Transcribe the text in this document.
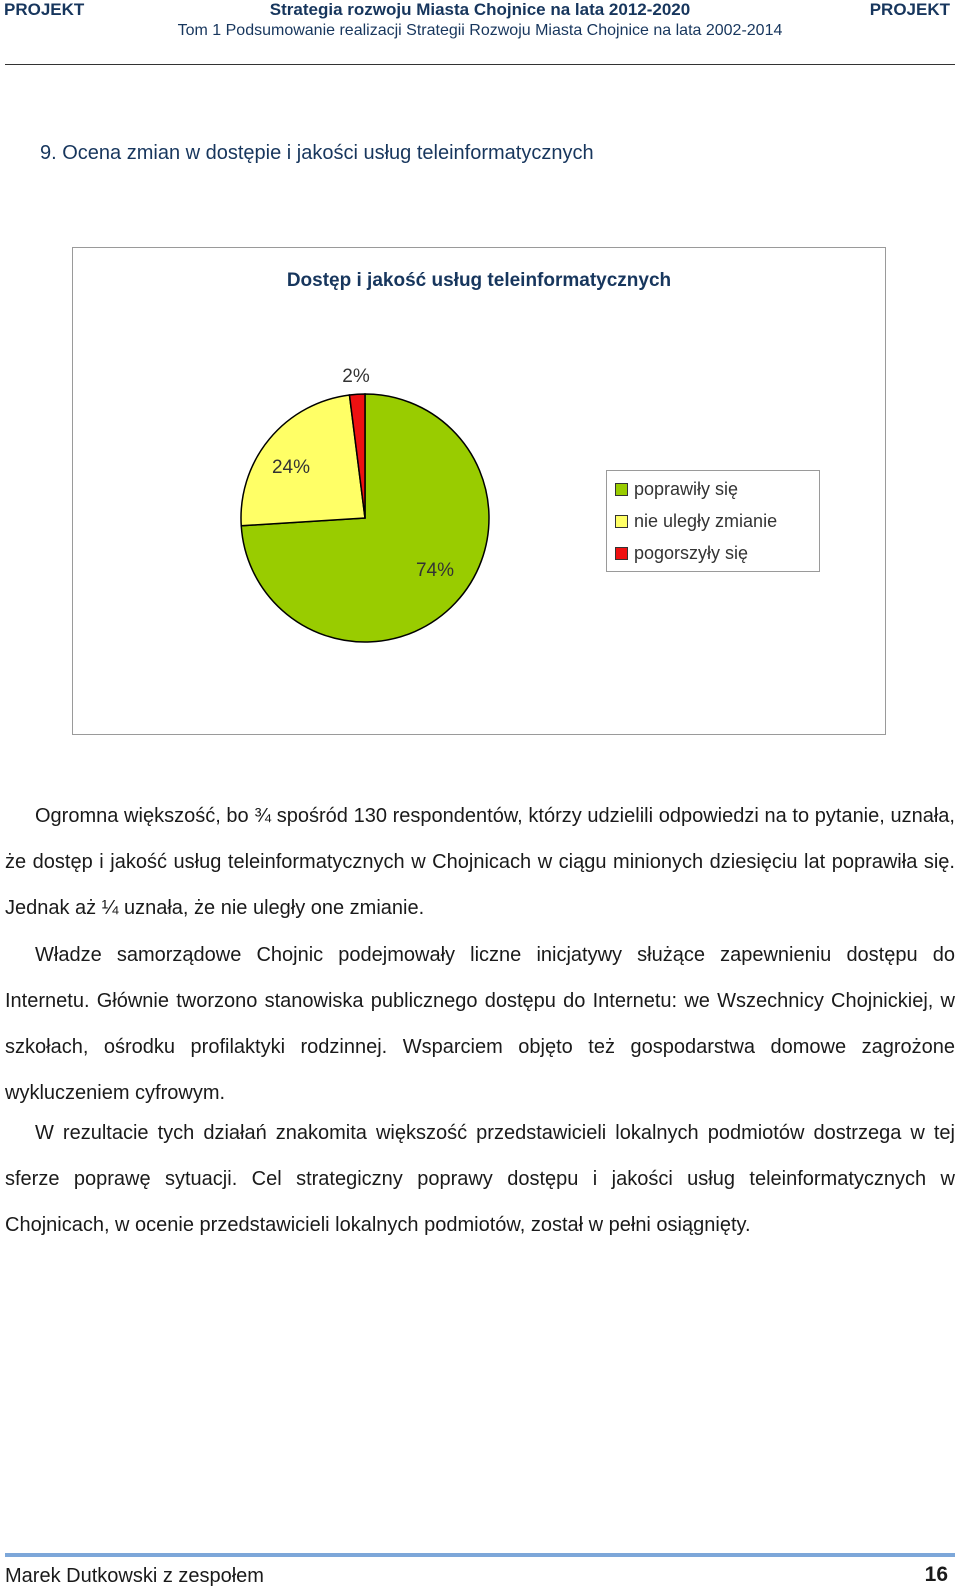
PROJEKT	Strategia rozwoju Miasta Chojnice na lata 2012-2020	PROJEKT
Tom 1 Podsumowanie realizacji Strategii Rozwoju Miasta Chojnice na lata 2002-2014
9. Ocena zmian w dostępie i jakości usług teleinformatycznych
Dostęp i jakość usług teleinformatycznych
74%
24%
2%
poprawiły się
nie uległy zmianie
pogorszyły się
Ogromna większość, bo ¾ spośród 130 respondentów, którzy udzielili odpowiedzi na to pytanie, uznała, że dostęp i jakość usług teleinformatycznych w Chojnicach w ciągu minionych dziesięciu lat poprawiła się. Jednak aż ¼ uznała, że nie uległy one zmianie.
Władze samorządowe Chojnic podejmowały liczne inicjatywy służące zapewnieniu dostępu do Internetu. Głównie tworzono stanowiska publicznego dostępu do Internetu: we Wszechnicy Chojnickiej, w szkołach, ośrodku profilaktyki rodzinnej. Wsparciem objęto też gospodarstwa domowe zagrożone wykluczeniem cyfrowym.
W rezultacie tych działań znakomita większość przedstawicieli lokalnych podmiotów dostrzega w tej sferze poprawę sytuacji. Cel strategiczny poprawy dostępu i jakości usług teleinformatycznych w Chojnicach, w ocenie przedstawicieli lokalnych podmiotów, został w pełni osiągnięty.
Marek Dutkowski z zespołem	16
